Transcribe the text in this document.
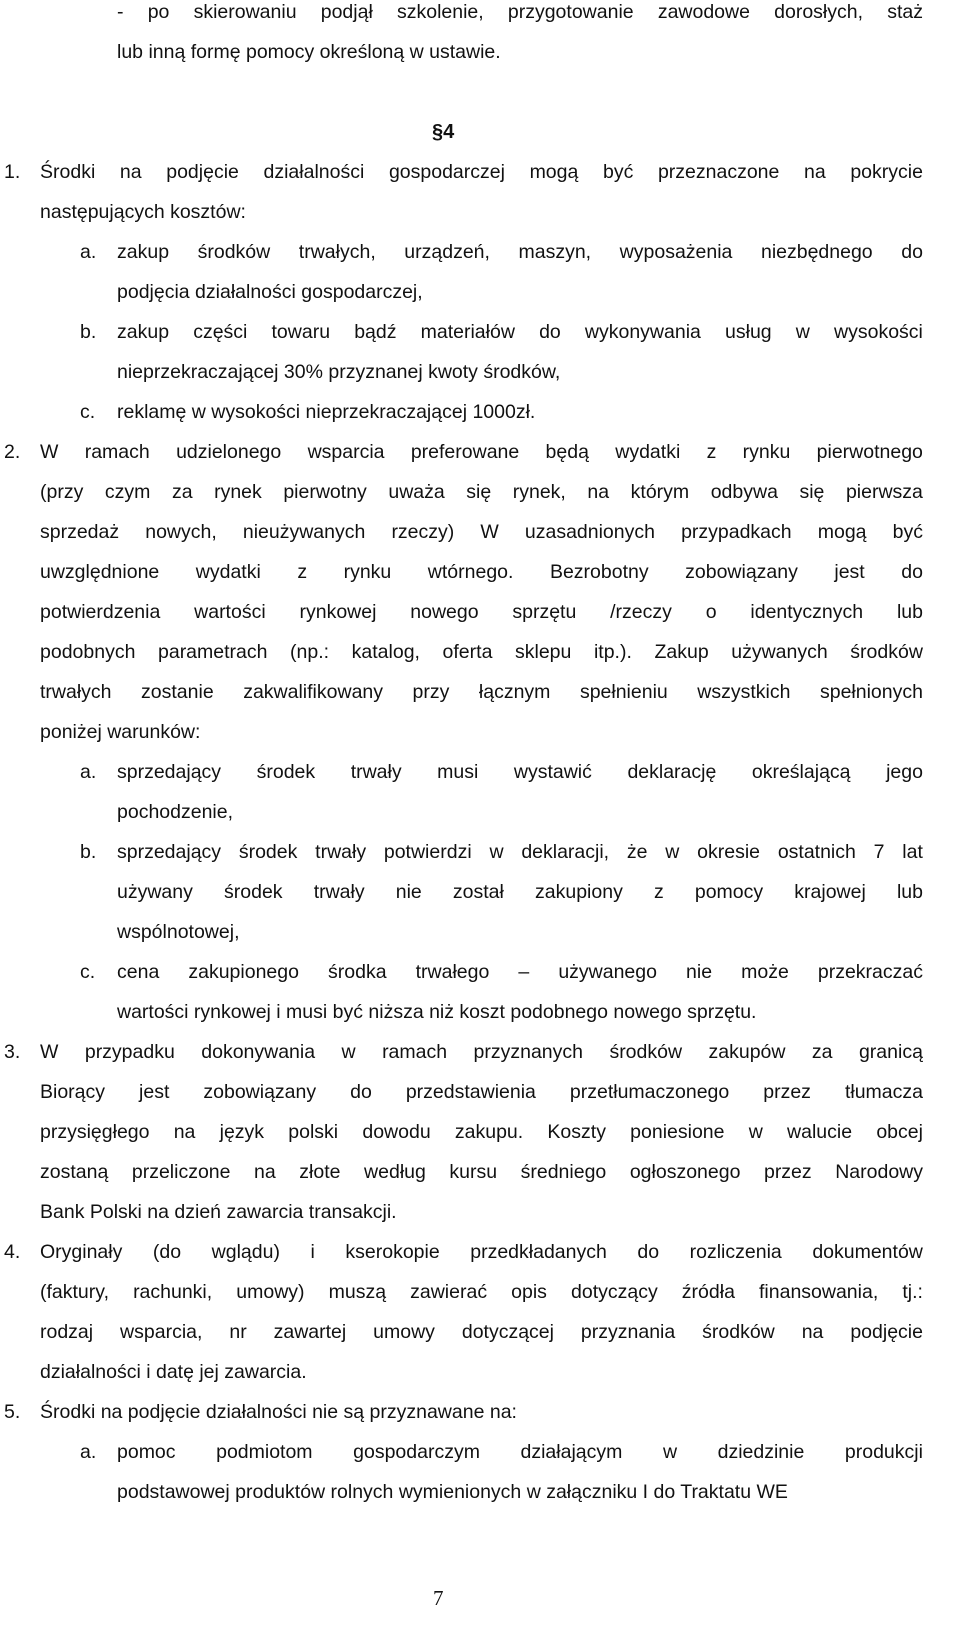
- po skierowaniu podjął szkolenie, przygotowanie zawodowe dorosłych, staż
lub inną formę pomocy określoną w ustawie.
§4
1. Środki na podjęcie działalności gospodarczej mogą być przeznaczone na pokrycie
następujących kosztów:
a. zakup środków trwałych, urządzeń, maszyn, wyposażenia niezbędnego do
podjęcia działalności gospodarczej,
b. zakup części towaru bądź materiałów do wykonywania usług w wysokości
nieprzekraczającej 30% przyznanej kwoty środków,
c. reklamę w wysokości nieprzekraczającej 1000zł.
2. W ramach udzielonego wsparcia preferowane będą wydatki z rynku pierwotnego
(przy czym za rynek pierwotny uważa się rynek, na którym odbywa się pierwsza
sprzedaż nowych, nieużywanych rzeczy) W uzasadnionych przypadkach mogą być
uwzględnione wydatki z rynku wtórnego. Bezrobotny zobowiązany jest do
potwierdzenia wartości rynkowej nowego sprzętu /rzeczy o identycznych lub
podobnych parametrach (np.: katalog, oferta sklepu itp.). Zakup używanych środków
trwałych zostanie zakwalifikowany przy łącznym spełnieniu wszystkich spełnionych
poniżej warunków:
a. sprzedający środek trwały musi wystawić deklarację określającą jego
pochodzenie,
b. sprzedający środek trwały potwierdzi w deklaracji, że w okresie ostatnich 7 lat
używany środek trwały nie został zakupiony z pomocy krajowej lub
wspólnotowej,
c. cena zakupionego środka trwałego – używanego nie może przekraczać
wartości rynkowej i musi być niższa niż koszt podobnego nowego sprzętu.
3. W przypadku dokonywania w ramach przyznanych środków zakupów za granicą
Biorący jest zobowiązany do przedstawienia przetłumaczonego przez tłumacza
przysięgłego na język polski dowodu zakupu. Koszty poniesione w walucie obcej
zostaną przeliczone na złote według kursu średniego ogłoszonego przez Narodowy
Bank Polski na dzień zawarcia transakcji.
4. Oryginały (do wglądu) i kserokopie przedkładanych do rozliczenia dokumentów
(faktury, rachunki, umowy) muszą zawierać opis dotyczący źródła finansowania, tj.:
rodzaj wsparcia, nr zawartej umowy dotyczącej przyznania środków na podjęcie
działalności i datę jej zawarcia.
5. Środki na podjęcie działalności nie są przyznawane na:
a. pomoc podmiotom gospodarczym działającym w dziedzinie produkcji
podstawowej produktów rolnych wymienionych w załączniku I do Traktatu WE
7
